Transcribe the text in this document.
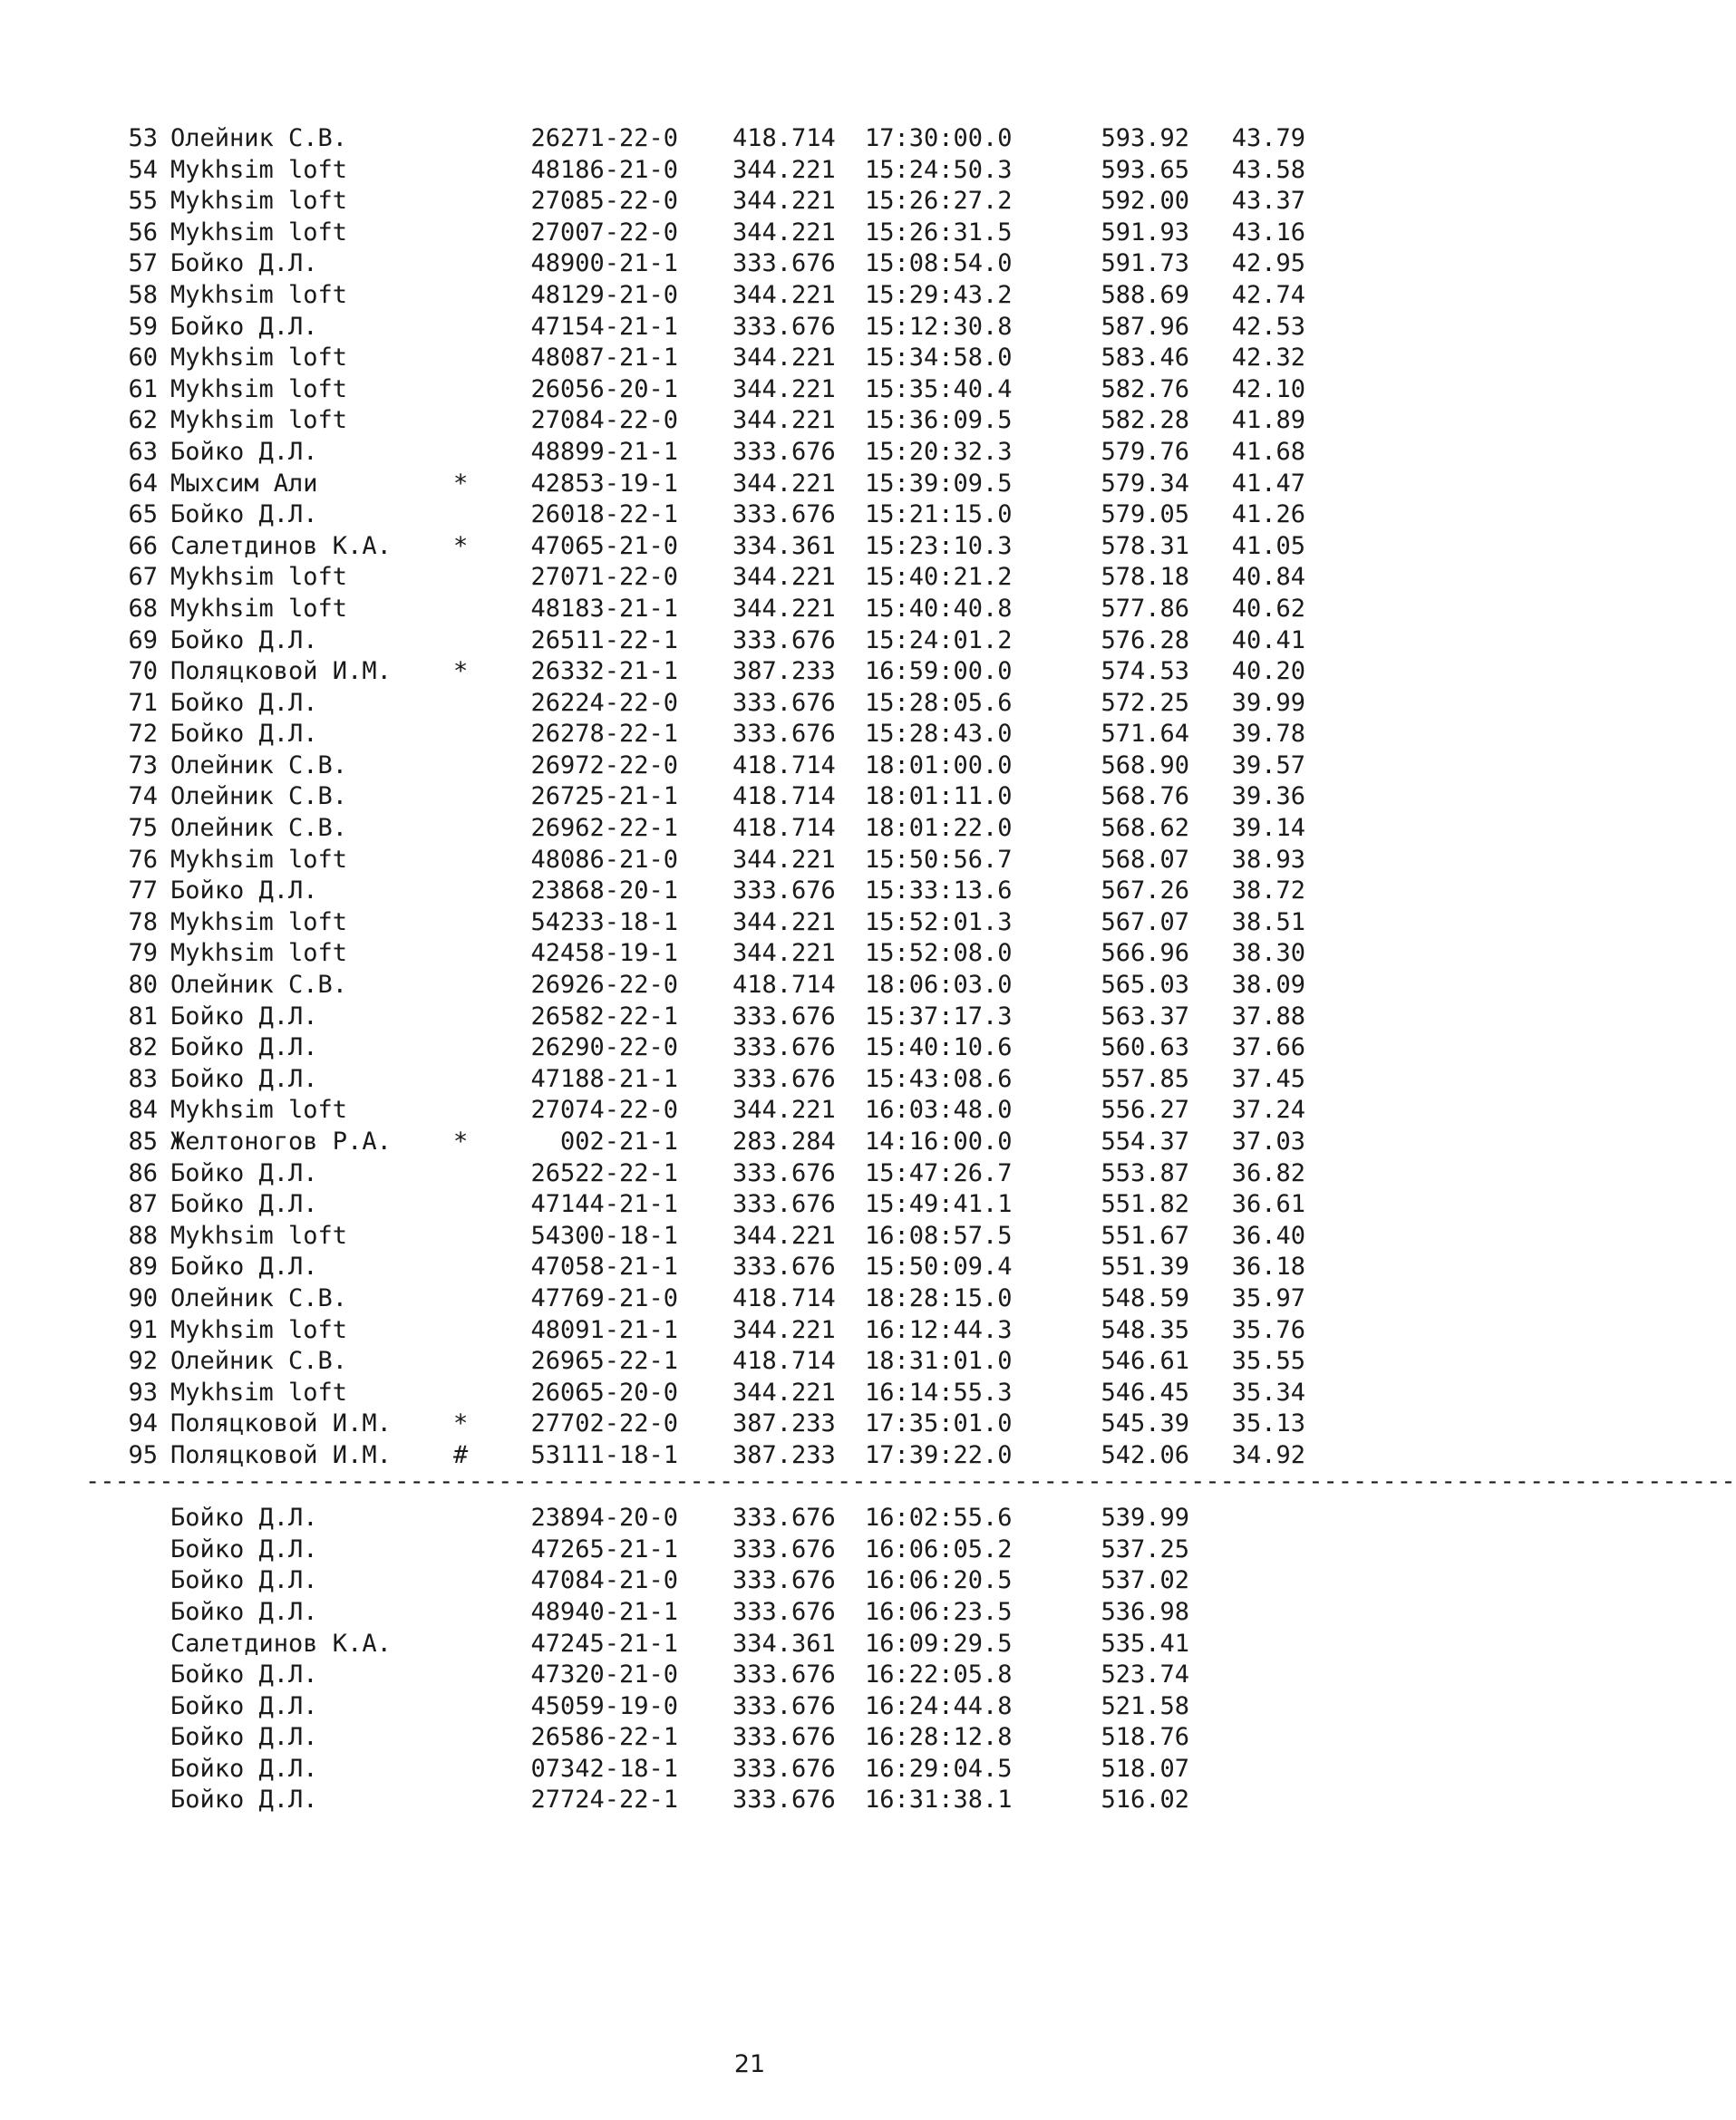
53 Олейник С.В.	26271-22-0 418.714 17:30:00.0	593.92	43.79
54 Mykhsim loft	48186-21-0 344.221 15:24:50.3	593.65	43.58
55 Mykhsim loft	27085-22-0 344.221 15:26:27.2	592.00	43.37
56 Mykhsim loft	27007-22-0 344.221 15:26:31.5	591.93	43.16
57 Бойко Д.Л.	48900-21-1 333.676 15:08:54.0	591.73	42.95
58 Mykhsim loft	48129-21-0 344.221 15:29:43.2	588.69	42.74
59 Бойко Д.Л.	47154-21-1 333.676 15:12:30.8	587.96	42.53
60 Mykhsim loft	48087-21-1 344.221 15:34:58.0	583.46	42.32
61 Mykhsim loft	26056-20-1 344.221 15:35:40.4	582.76	42.10
62 Mykhsim loft	27084-22-0 344.221 15:36:09.5	582.28	41.89
63 Бойко Д.Л.	48899-21-1 333.676 15:20:32.3	579.76	41.68
64 Мыхсим Али	*	42853-19-1 344.221 15:39:09.5	579.34	41.47
65 Бойко Д.Л.	26018-22-1 333.676 15:21:15.0	579.05	41.26
66 Салетдинов К.А.	*	47065-21-0 334.361 15:23:10.3	578.31	41.05
67 Mykhsim loft	27071-22-0 344.221 15:40:21.2	578.18	40.84
68 Mykhsim loft	48183-21-1 344.221 15:40:40.8	577.86	40.62
69 Бойко Д.Л.	26511-22-1 333.676 15:24:01.2	576.28	40.41
70 Поляцковой И.М.	*	26332-21-1 387.233 16:59:00.0	574.53	40.20
71 Бойко Д.Л.	26224-22-0 333.676 15:28:05.6	572.25	39.99
72 Бойко Д.Л.	26278-22-1 333.676 15:28:43.0	571.64	39.78
73 Олейник С.В.	26972-22-0 418.714 18:01:00.0	568.90	39.57
74 Олейник С.В.	26725-21-1 418.714 18:01:11.0	568.76	39.36
75 Олейник С.В.	26962-22-1 418.714 18:01:22.0	568.62	39.14
76 Mykhsim loft	48086-21-0 344.221 15:50:56.7	568.07	38.93
77 Бойко Д.Л.	23868-20-1 333.676 15:33:13.6	567.26	38.72
78 Mykhsim loft	54233-18-1 344.221 15:52:01.3	567.07	38.51
79 Mykhsim loft	42458-19-1 344.221 15:52:08.0	566.96	38.30
80 Олейник С.В.	26926-22-0 418.714 18:06:03.0	565.03	38.09
81 Бойко Д.Л.	26582-22-1 333.676 15:37:17.3	563.37	37.88
82 Бойко Д.Л.	26290-22-0 333.676 15:40:10.6	560.63	37.66
83 Бойко Д.Л.	47188-21-1 333.676 15:43:08.6	557.85	37.45
84 Mykhsim loft	27074-22-0 344.221 16:03:48.0	556.27	37.24
85 Желтоногов Р.А.	*	002-21-1 283.284 14:16:00.0	554.37	37.03
86 Бойко Д.Л.	26522-22-1 333.676 15:47:26.7	553.87	36.82
87 Бойко Д.Л.	47144-21-1 333.676 15:49:41.1	551.82	36.61
88 Mykhsim loft	54300-18-1 344.221 16:08:57.5	551.67	36.40
89 Бойко Д.Л.	47058-21-1 333.676 15:50:09.4	551.39	36.18
90 Олейник С.В.	47769-21-0 418.714 18:28:15.0	548.59	35.97
91 Mykhsim loft	48091-21-1 344.221 16:12:44.3	548.35	35.76
92 Олейник С.В.	26965-22-1 418.714 18:31:01.0	546.61	35.55
93 Mykhsim loft	26065-20-0 344.221 16:14:55.3	546.45	35.34
94 Поляцковой И.М.	*	27702-22-0 387.233 17:35:01.0	545.39	35.13
95 Поляцковой И.М.	#	53111-18-1 387.233 17:39:22.0	542.06	34.92
----------------------------------------------------------------------------------------------------------------
Бойко Д.Л.	23894-20-0 333.676 16:02:55.6	539.99
Бойко Д.Л.	47265-21-1 333.676 16:06:05.2	537.25
Бойко Д.Л.	47084-21-0 333.676 16:06:20.5	537.02
Бойко Д.Л.	48940-21-1 333.676 16:06:23.5	536.98
Салетдинов К.А.	47245-21-1 334.361 16:09:29.5	535.41
Бойко Д.Л.	47320-21-0 333.676 16:22:05.8	523.74
Бойко Д.Л.	45059-19-0 333.676 16:24:44.8	521.58
Бойко Д.Л.	26586-22-1 333.676 16:28:12.8	518.76
Бойко Д.Л.	07342-18-1 333.676 16:29:04.5	518.07
Бойко Д.Л.	27724-22-1 333.676 16:31:38.1	516.02
21
